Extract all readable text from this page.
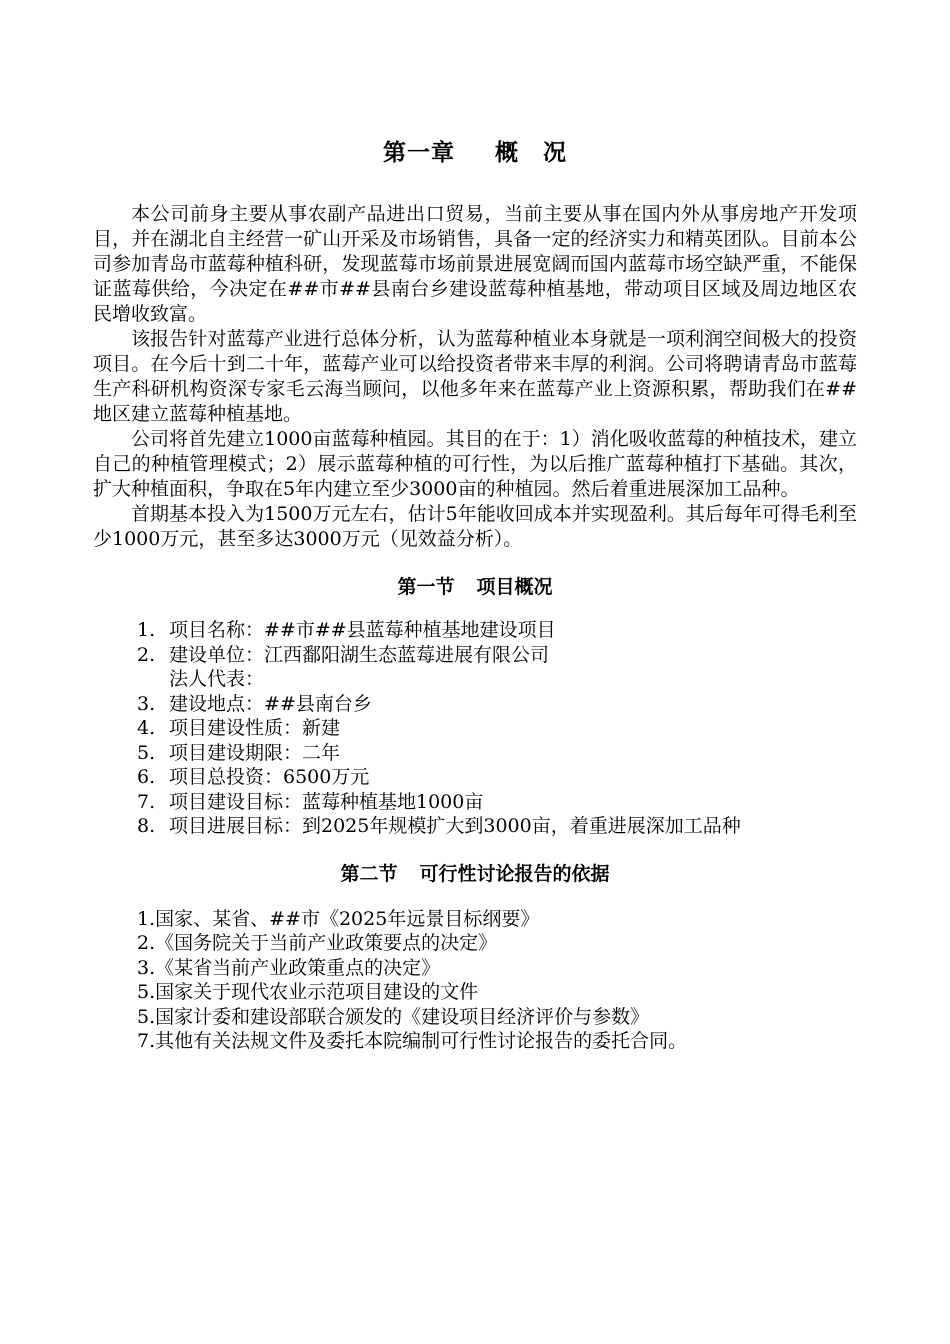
第一章 概　况

本公司前身主要从事农副产品进出口贸易，当前主要从事在国内外从事房地产开发项目，并在湖北自主经营一矿山开采及市场销售，具备一定的经济实力和精英团队。目前本公司参加青岛市蓝莓种植科研，发现蓝莓市场前景进展宽阔而国内蓝莓市场空缺严重，不能保证蓝莓供给，今决定在##市##县南台乡建设蓝莓种植基地，带动项目区域及周边地区农民增收致富。

该报告针对蓝莓产业进行总体分析，认为蓝莓种植业本身就是一项利润空间极大的投资项目。在今后十到二十年，蓝莓产业可以给投资者带来丰厚的利润。公司将聘请青岛市蓝莓生产科研机构资深专家毛云海当顾问，以他多年来在蓝莓产业上资源积累，帮助我们在##地区建立蓝莓种植基地。

公司将首先建立1000亩蓝莓种植园。其目的在于：1）消化吸收蓝莓的种植技术，建立自己的种植管理模式；2）展示蓝莓种植的可行性，为以后推广蓝莓种植打下基础。其次，扩大种植面积，争取在5年内建立至少3000亩的种植园。然后着重进展深加工品种。

首期基本投入为1500万元左右，估计5年能收回成本并实现盈利。其后每年可得毛利至少1000万元，甚至多达3000万元（见效益分析）。

第一节 项目概况
1. 项目名称：##市##县蓝莓种植基地建设项目
2. 建设单位：江西鄱阳湖生态蓝莓进展有限公司
法人代表：
3. 建设地点：##县南台乡
4. 项目建设性质：新建
5. 项目建设期限：二年
6. 项目总投资：6500万元
7. 项目建设目标：蓝莓种植基地1000亩
8. 项目进展目标：到2025年规模扩大到3000亩，着重进展深加工品种
第二节 可行性讨论报告的依据
1.国家、某省、##市《2025年远景目标纲要》
2.《国务院关于当前产业政策要点的决定》
3.《某省当前产业政策重点的决定》
5.国家关于现代农业示范项目建设的文件
5.国家计委和建设部联合颁发的《建设项目经济评价与参数》
7.其他有关法规文件及委托本院编制可行性讨论报告的委托合同。
